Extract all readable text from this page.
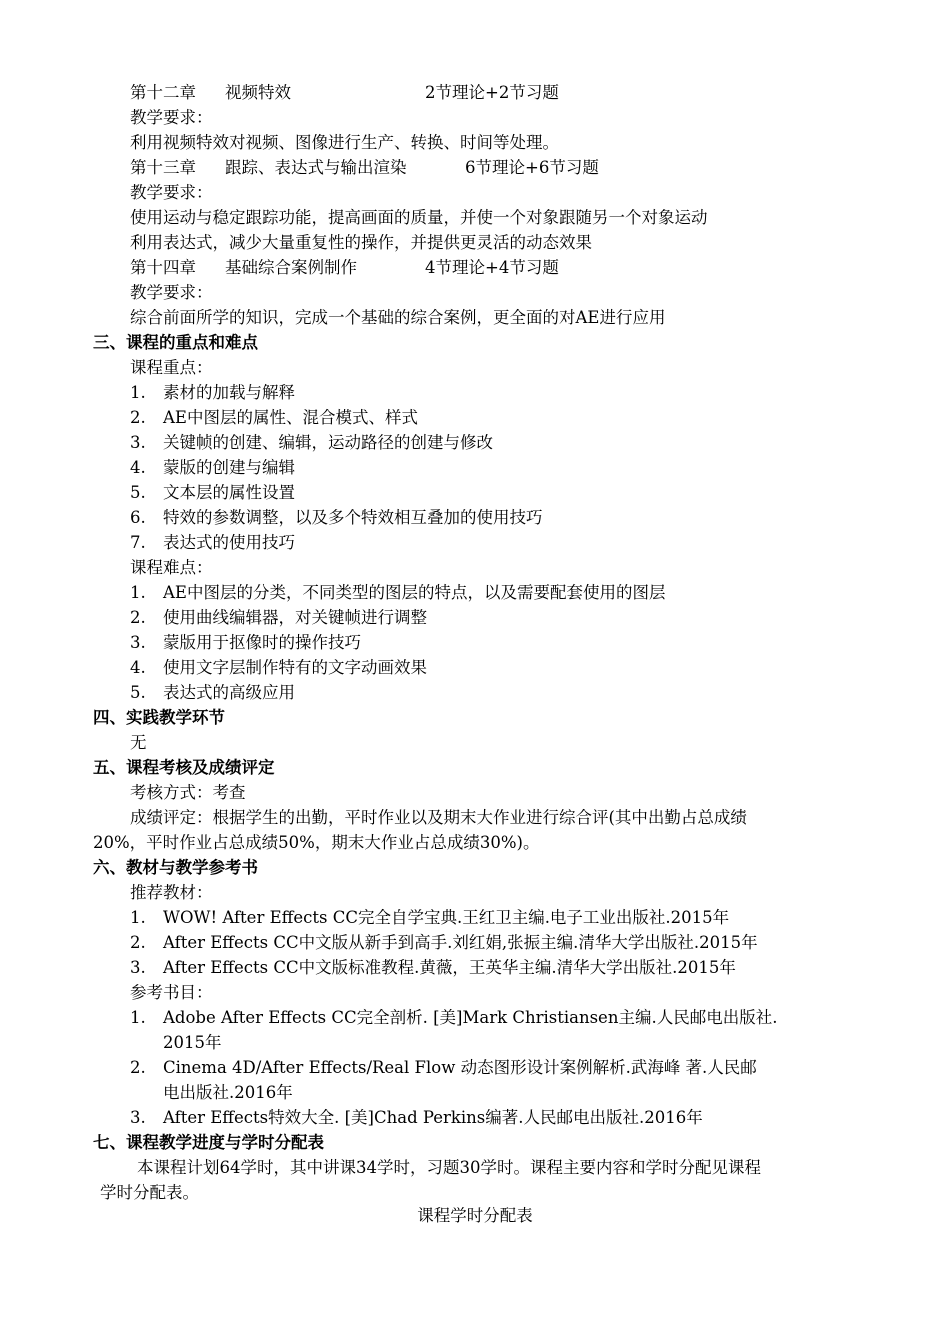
第十二章 视频特效	2节理论+2节习题
教学要求：
利用视频特效对视频、图像进行生产、转换、时间等处理。
第十三章 跟踪、表达式与输出渲染	6节理论+6节习题
教学要求：
使用运动与稳定跟踪功能，提高画面的质量，并使一个对象跟随另一个对象运动
利用表达式，减少大量重复性的操作，并提供更灵活的动态效果
第十四章 基础综合案例制作	4节理论+4节习题
教学要求：
综合前面所学的知识，完成一个基础的综合案例，更全面的对AE进行应用
三、课程的重点和难点
课程重点：
1. 素材的加载与解释
2. AE中图层的属性、混合模式、样式
3. 关键帧的创建、编辑，运动路径的创建与修改
4. 蒙版的创建与编辑
5. 文本层的属性设置
6. 特效的参数调整，以及多个特效相互叠加的使用技巧
7. 表达式的使用技巧
课程难点：
1. AE中图层的分类，不同类型的图层的特点，以及需要配套使用的图层
2. 使用曲线编辑器，对关键帧进行调整
3. 蒙版用于抠像时的操作技巧
4. 使用文字层制作特有的文字动画效果
5. 表达式的高级应用
四、实践教学环节
无
五、课程考核及成绩评定
考核方式：考查
成绩评定：根据学生的出勤，平时作业以及期末大作业进行综合评(其中出勤占总成绩
20%，平时作业占总成绩50%，期末大作业占总成绩30%)。
六、教材与教学参考书
推荐教材：
1. WOW! After Effects CC完全自学宝典.王红卫主编.电子工业出版社.2015年
2. After Effects CC中文版从新手到高手.刘红娟,张振主编.清华大学出版社.2015年
3. After Effects CC中文版标准教程.黄薇，王英华主编.清华大学出版社.2015年
参考书目：
1. Adobe After Effects CC完全剖析. [美]Mark Christiansen主编.人民邮电出版社.
2015年
2. Cinema 4D/After Effects/Real Flow 动态图形设计案例解析.武海峰 著.人民邮
电出版社.2016年
3. After Effects特效大全. [美]Chad Perkins编著.人民邮电出版社.2016年
七、课程教学进度与学时分配表
本课程计划64学时，其中讲课34学时，习题30学时。课程主要内容和学时分配见课程
学时分配表。
课程学时分配表
